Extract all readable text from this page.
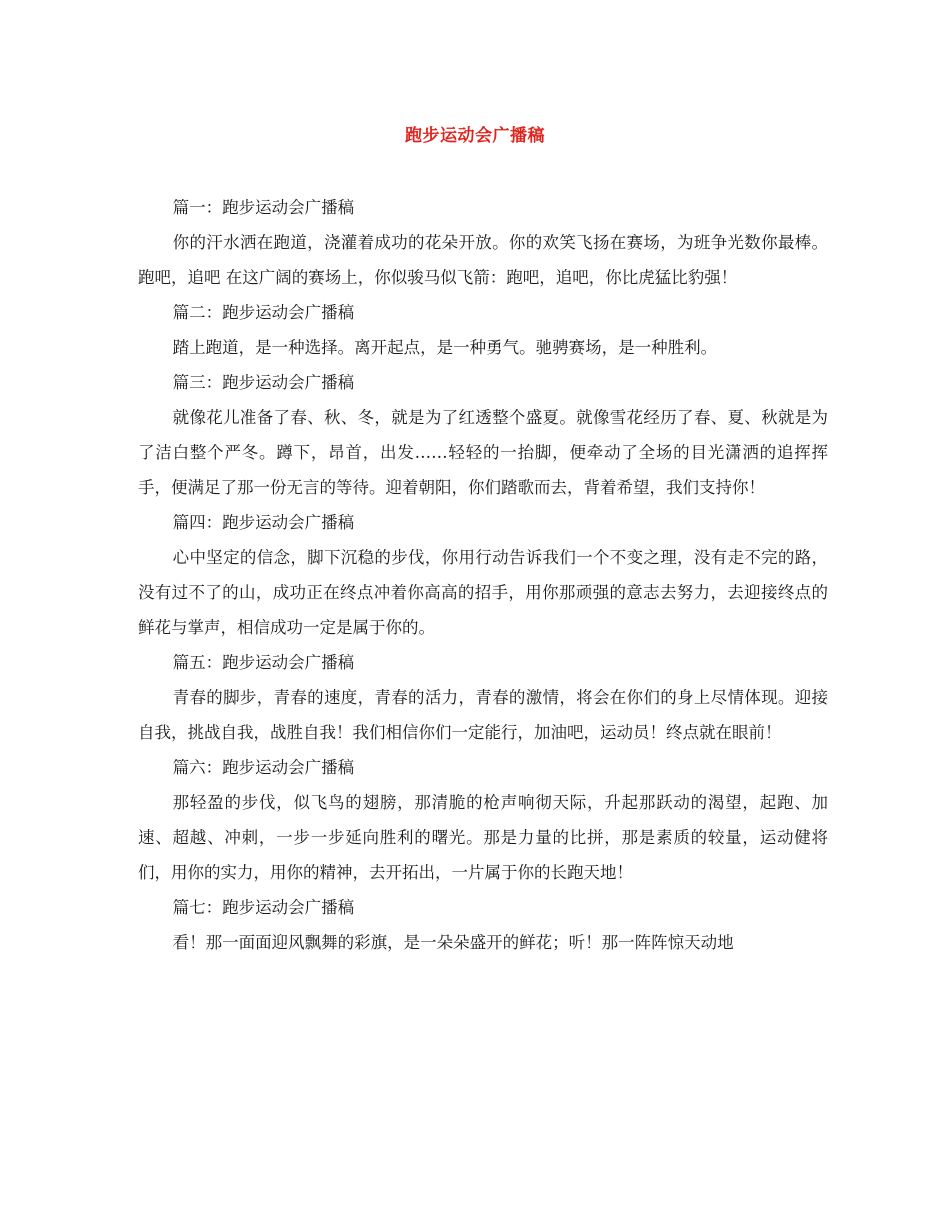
跑步运动会广播稿

篇一：跑步运动会广播稿

你的汗水洒在跑道，浇灌着成功的花朵开放。你的欢笑飞扬在赛场，为班争光数你最棒。跑吧，追吧 在这广阔的赛场上，你似骏马似飞箭：跑吧，追吧，你比虎猛比豹强！

篇二：跑步运动会广播稿

踏上跑道，是一种选择。离开起点，是一种勇气。驰骋赛场，是一种胜利。

篇三：跑步运动会广播稿

就像花儿准备了春、秋、冬，就是为了红透整个盛夏。就像雪花经历了春、夏、秋就是为了洁白整个严冬。蹲下，昂首，出发……轻轻的一抬脚，便牵动了全场的目光潇洒的追挥挥手，便满足了那一份无言的等待。迎着朝阳，你们踏歌而去，背着希望，我们支持你！

篇四：跑步运动会广播稿

心中坚定的信念，脚下沉稳的步伐，你用行动告诉我们一个不变之理，没有走不完的路，没有过不了的山，成功正在终点冲着你高高的招手，用你那顽强的意志去努力，去迎接终点的鲜花与掌声，相信成功一定是属于你的。

篇五：跑步运动会广播稿

青春的脚步，青春的速度，青春的活力，青春的激情，将会在你们的身上尽情体现。迎接自我，挑战自我，战胜自我！我们相信你们一定能行，加油吧，运动员！终点就在眼前！

篇六：跑步运动会广播稿

那轻盈的步伐，似飞鸟的翅膀，那清脆的枪声响彻天际，升起那跃动的渴望，起跑、加速、超越、冲刺，一步一步延向胜利的曙光。那是力量的比拼，那是素质的较量，运动健将们，用你的实力，用你的精神，去开拓出，一片属于你的长跑天地！

篇七：跑步运动会广播稿

看！那一面面迎风飘舞的彩旗，是一朵朵盛开的鲜花；听！那一阵阵惊天动地
